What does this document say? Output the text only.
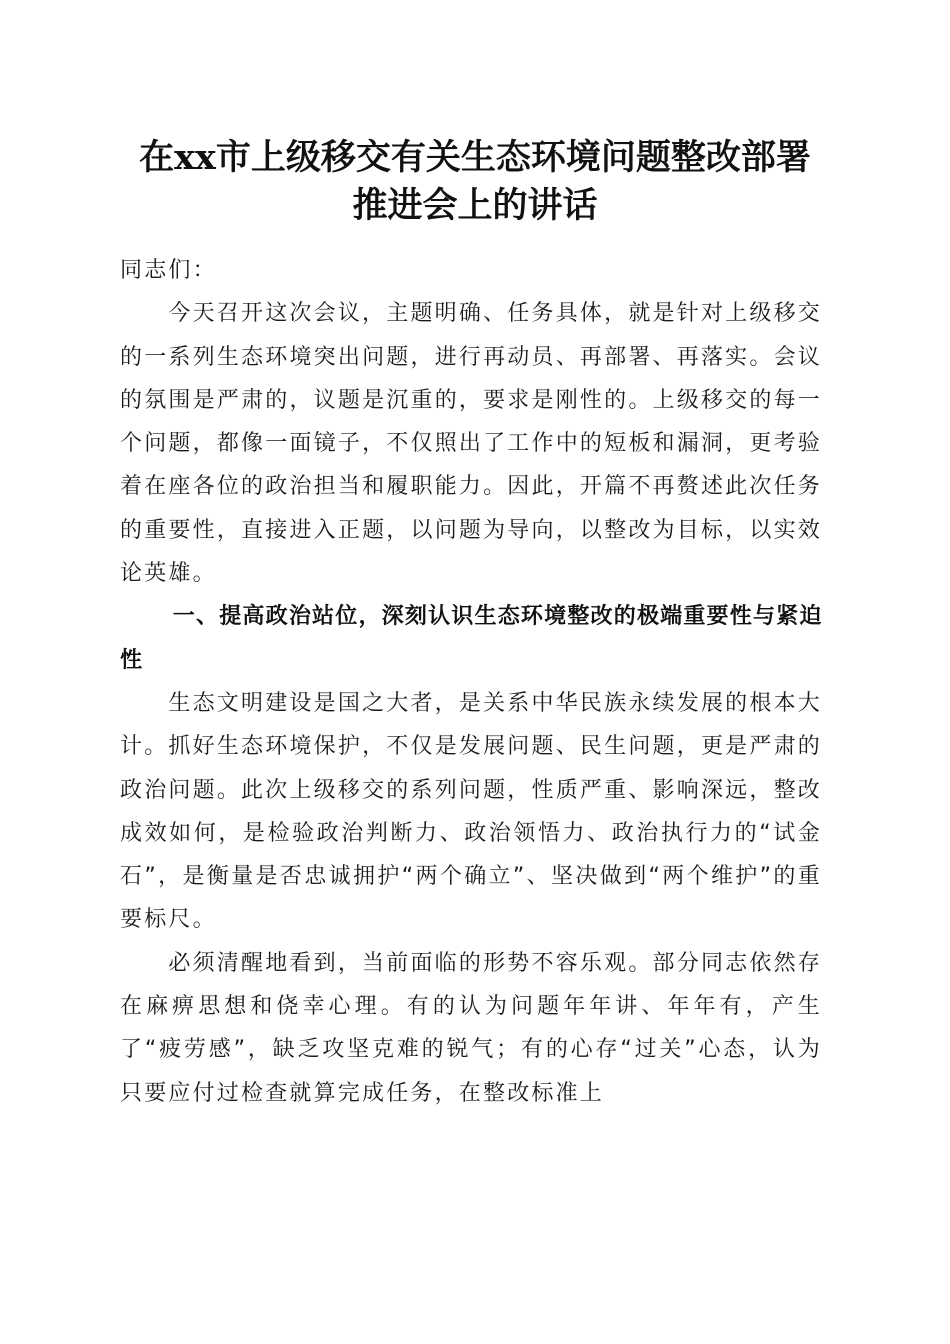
在xx市上级移交有关生态环境问题整改部署
推进会上的讲话

同志们：

今天召开这次会议，主题明确、任务具体，就是针对上级移交的一系列生态环境突出问题，进行再动员、再部署、再落实。会议的氛围是严肃的，议题是沉重的，要求是刚性的。上级移交的每一个问题，都像一面镜子，不仅照出了工作中的短板和漏洞，更考验着在座各位的政治担当和履职能力。因此，开篇不再赘述此次任务的重要性，直接进入正题，以问题为导向，以整改为目标，以实效论英雄。

一、提高政治站位，深刻认识生态环境整改的极端重要性与紧迫性

生态文明建设是国之大者，是关系中华民族永续发展的根本大计。抓好生态环境保护，不仅是发展问题、民生问题，更是严肃的政治问题。此次上级移交的系列问题，性质严重、影响深远，整改成效如何，是检验政治判断力、政治领悟力、政治执行力的“试金石”，是衡量是否忠诚拥护“两个确立”、坚决做到“两个维护”的重要标尺。

必须清醒地看到，当前面临的形势不容乐观。部分同志依然存在麻痹思想和侥幸心理。有的认为问题年年讲、年年有，产生了“疲劳感”，缺乏攻坚克难的锐气；有的心存“过关”心态，认为只要应付过检查就算完成任务，在整改标准上
